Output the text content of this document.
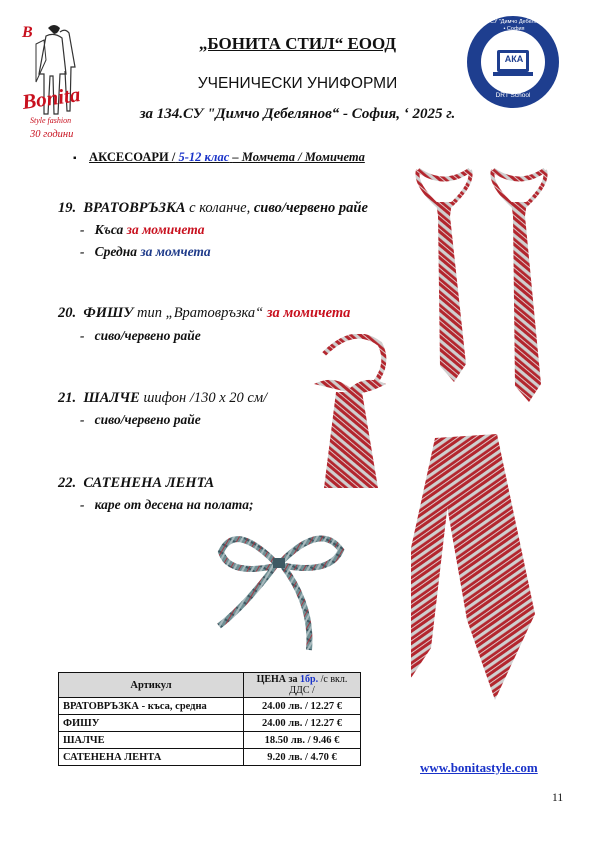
B
Bonita
Style fashion
30 години
AКA
134 СУ "Димчо Дебелянов" • София
DRT School
„БОНИТА СТИЛ“ ЕООД
УЧЕНИЧЕСКИ УНИФОРМИ
за 134.СУ "Димчо Дебелянов“ - София, ‘ 2025 г.
▪ АКСЕСОАРИ / 5-12 клас – Момчета / Момичета
19. ВРАТОВРЪЗКА с коланче, сиво/червено райе
- Къса за момичета
- Средна за момчета
20. ФИШУ тип „Вратовръзка“ за момичета
- сиво/червено райе
21. ШАЛЧЕ шифон /130 х 20 см/
- сиво/червено райе
22. САТЕНЕНА ЛЕНТА
- каре от десена на полата;
Артикул	ЦЕНА за 1бр. /с вкл. ДДС /
ВРАТОВРЪЗКА - къса, средна	24.00 лв. / 12.27 €
ФИШУ	24.00 лв. / 12.27 €
ШАЛЧЕ	18.50 лв. / 9.46 €
САТЕНЕНА ЛЕНТА	9.20 лв. / 4.70 €
www.bonitastyle.com
11
